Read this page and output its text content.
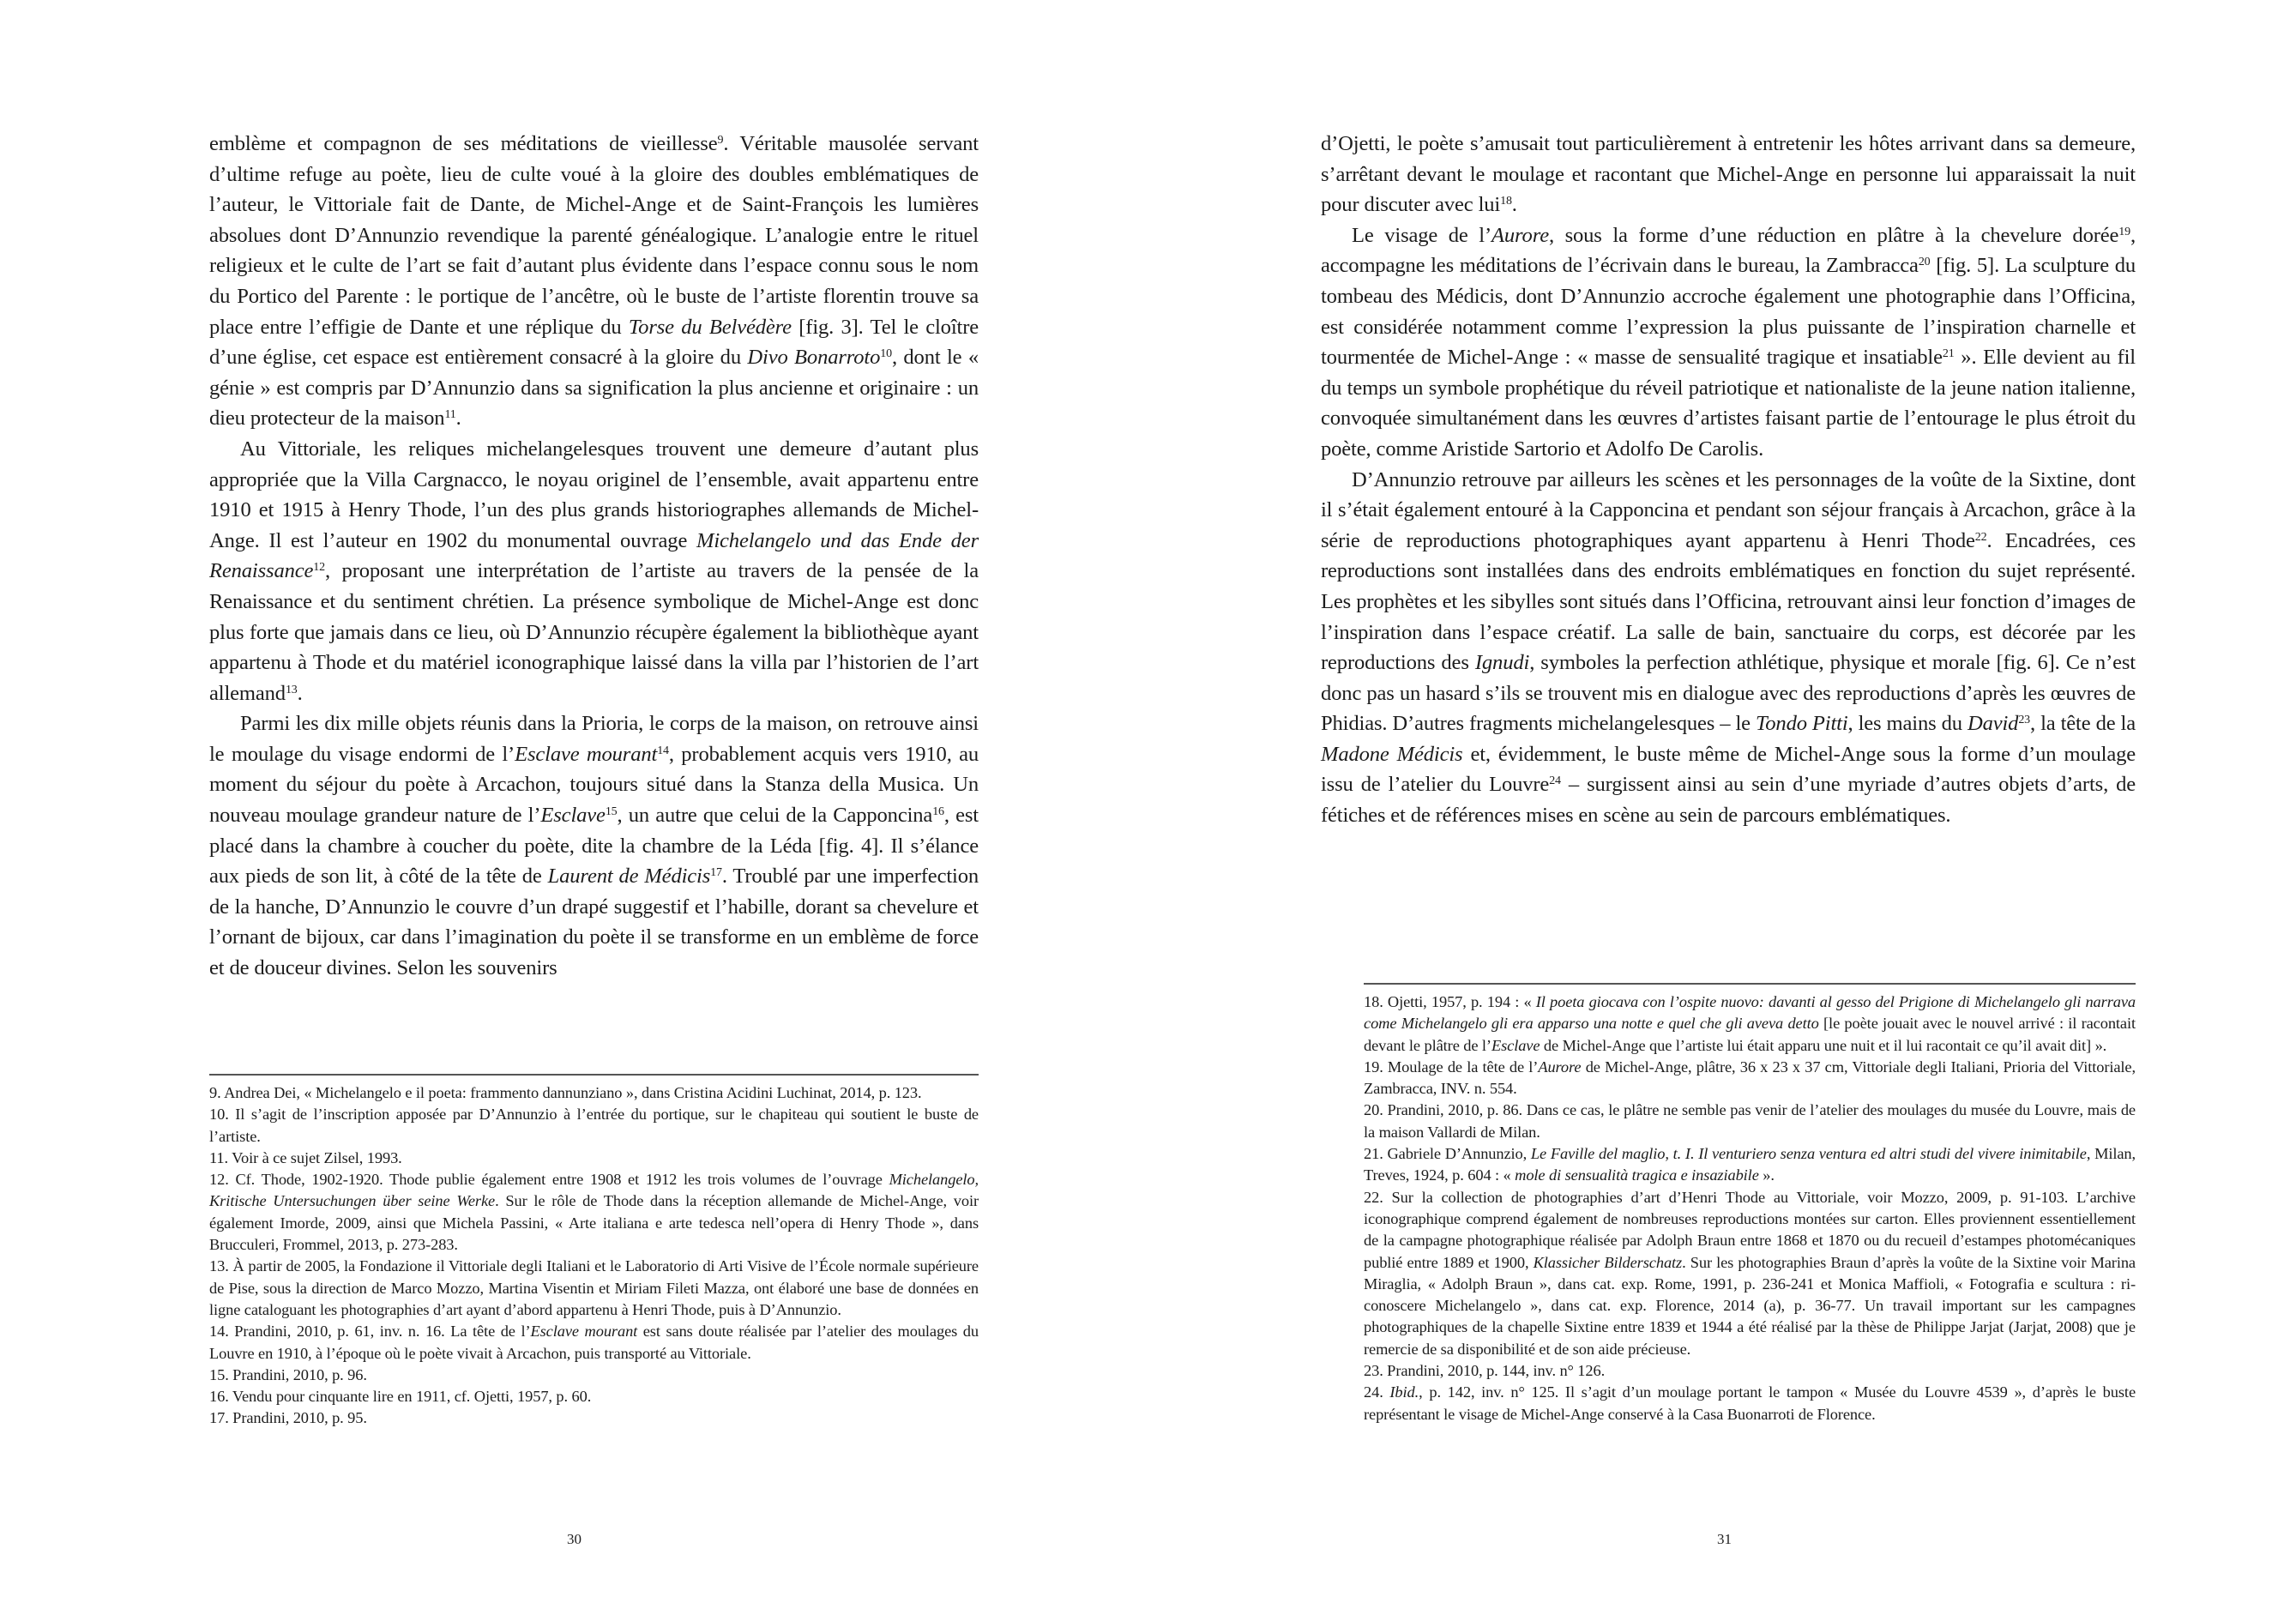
emblème et compagnon de ses méditations de vieillesse$^9$. Véritable mausolée servant d’ultime refuge au poète, lieu de culte voué à la gloire des doubles emblématiques de l’auteur, le Vittoriale fait de Dante, de Michel-Ange et de Saint-François les lumières absolues dont D’Annunzio revendique la parenté généalogique. L’analogie entre le rituel religieux et le culte de l’art se fait d’autant plus évidente dans l’espace connu sous le nom du Portico del Parente : le portique de l’ancêtre, où le buste de l’artiste florentin trouve sa place entre l’effigie de Dante et une réplique du Torse du Belvédère [fig. 3]. Tel le cloître d’une église, cet espace est entièrement consacré à la gloire du Divo Bonarroto$^{10}$, dont le « génie » est compris par D’Annunzio dans sa signification la plus ancienne et originaire : un dieu protecteur de la maison$^{11}$.

Au Vittoriale, les reliques michelangelesques trouvent une demeure d’autant plus appropriée que la Villa Cargnacco, le noyau originel de l’ensemble, avait appartenu entre 1910 et 1915 à Henry Thode, l’un des plus grands historiographes allemands de Michel-Ange. Il est l’auteur en 1902 du monumental ouvrage Michelangelo und das Ende der Renaissance$^{12}$, proposant une interprétation de l’artiste au travers de la pensée de la Renaissance et du sentiment chrétien. La présence symbolique de Michel-Ange est donc plus forte que jamais dans ce lieu, où D’Annunzio récupère également la bibliothèque ayant appartenu à Thode et du matériel iconographique laissé dans la villa par l’historien de l’art allemand$^{13}$.

Parmi les dix mille objets réunis dans la Prioria, le corps de la maison, on retrouve ainsi le moulage du visage endormi de l’Esclave mourant$^{14}$, probablement acquis vers 1910, au moment du séjour du poète à Arcachon, toujours situé dans la Stanza della Musica. Un nouveau moulage grandeur nature de l’Esclave$^{15}$, un autre que celui de la Capponcina$^{16}$, est placé dans la chambre à coucher du poète, dite la chambre de la Léda [fig. 4]. Il s’élance aux pieds de son lit, à côté de la tête de Laurent de Médicis$^{17}$. Troublé par une imperfection de la hanche, D’Annunzio le couvre d’un drapé suggestif et l’habille, dorant sa chevelure et l’ornant de bijoux, car dans l’imagination du poète il se transforme en un emblème de force et de douceur divines. Selon les souvenirs

9. Andrea Dei, « Michelangelo e il poeta: frammento dannunziano », dans Cristina Acidini Luchinat, 2014, p. 123.

10. Il s’agit de l’inscription apposée par D’Annunzio à l’entrée du portique, sur le chapiteau qui soutient le buste de l’artiste.

11. Voir à ce sujet Zilsel, 1993.

12. Cf. Thode, 1902-1920. Thode publie également entre 1908 et 1912 les trois volumes de l’ouvrage Michelangelo, Kritische Untersuchungen über seine Werke. Sur le rôle de Thode dans la réception allemande de Michel-Ange, voir également Imorde, 2009, ainsi que Michela Passini, « Arte italiana e arte tedesca nell’opera di Henry Thode », dans Brucculeri, Frommel, 2013, p. 273-283.

13. À partir de 2005, la Fondazione il Vittoriale degli Italiani et le Laboratorio di Arti Visive de l’École normale supérieure de Pise, sous la direction de Marco Mozzo, Martina Visentin et Miriam Fileti Mazza, ont élaboré une base de données en ligne cataloguant les photographies d’art ayant d’abord appartenu à Henri Thode, puis à D’Annunzio.

14. Prandini, 2010, p. 61, inv. n. 16. La tête de l’Esclave mourant est sans doute réalisée par l’atelier des moulages du Louvre en 1910, à l’époque où le poète vivait à Arcachon, puis transporté au Vittoriale.

15. Prandini, 2010, p. 96.

16. Vendu pour cinquante lire en 1911, cf. Ojetti, 1957, p. 60.

17. Prandini, 2010, p. 95.

30

d’Ojetti, le poète s’amusait tout particulièrement à entretenir les hôtes arrivant dans sa demeure, s’arrêtant devant le moulage et racontant que Michel-Ange en personne lui apparaissait la nuit pour discuter avec lui$^{18}$.

Le visage de l’Aurore, sous la forme d’une réduction en plâtre à la chevelure dorée$^{19}$, accompagne les méditations de l’écrivain dans le bureau, la Zambracca$^{20}$ [fig. 5]. La sculpture du tombeau des Médicis, dont D’Annunzio accroche également une photographie dans l’Officina, est considérée notamment comme l’expression la plus puissante de l’inspiration charnelle et tourmentée de Michel-Ange : « masse de sensualité tragique et insatiable$^{21}$ ». Elle devient au fil du temps un symbole prophétique du réveil patriotique et nationaliste de la jeune nation italienne, convoquée simultanément dans les œuvres d’artistes faisant partie de l’entourage le plus étroit du poète, comme Aristide Sartorio et Adolfo De Carolis.

D’Annunzio retrouve par ailleurs les scènes et les personnages de la voûte de la Sixtine, dont il s’était également entouré à la Capponcina et pendant son séjour français à Arcachon, grâce à la série de reproductions photographiques ayant appartenu à Henri Thode$^{22}$. Encadrées, ces reproductions sont installées dans des endroits emblématiques en fonction du sujet représenté. Les prophètes et les sibylles sont situés dans l’Officina, retrouvant ainsi leur fonction d’images de l’inspiration dans l’espace créatif. La salle de bain, sanctuaire du corps, est décorée par les reproductions des Ignudi, symboles la perfection athlétique, physique et morale [fig. 6]. Ce n’est donc pas un hasard s’ils se trouvent mis en dialogue avec des reproductions d’après les œuvres de Phidias. D’autres fragments michelangelesques – le Tondo Pitti, les mains du David$^{23}$, la tête de la Madone Médicis et, évidemment, le buste même de Michel-Ange sous la forme d’un moulage issu de l’atelier du Louvre$^{24}$ – surgissent ainsi au sein d’une myriade d’autres objets d’arts, de fétiches et de références mises en scène au sein de parcours emblématiques.

18. Ojetti, 1957, p. 194 : « Il poeta giocava con l’ospite nuovo: davanti al gesso del Prigione di Michelangelo gli narrava come Michelangelo gli era apparso una notte e quel che gli aveva detto [le poète jouait avec le nouvel arrivé : il racontait devant le plâtre de l’Esclave de Michel-Ange que l’artiste lui était apparu une nuit et il lui racontait ce qu’il avait dit] ».

19. Moulage de la tête de l’Aurore de Michel-Ange, plâtre, 36 x 23 x 37 cm, Vittoriale degli Italiani, Prioria del Vittoriale, Zambracca, INV. n. 554.

20. Prandini, 2010, p. 86. Dans ce cas, le plâtre ne semble pas venir de l’atelier des moulages du musée du Louvre, mais de la maison Vallardi de Milan.

21. Gabriele D’Annunzio, Le Faville del maglio, t. I. Il venturiero senza ventura ed altri studi del vivere inimitabile, Milan, Treves, 1924, p. 604 : « mole di sensualità tragica e insaziabile ».

22. Sur la collection de photographies d’art d’Henri Thode au Vittoriale, voir Mozzo, 2009, p. 91-103. L’archive iconographique comprend également de nombreuses reproductions montées sur carton. Elles proviennent essentiellement de la campagne photographique réalisée par Adolph Braun entre 1868 et 1870 ou du recueil d’estampes photomécaniques publié entre 1889 et 1900, Klassicher Bilderschatz. Sur les photographies Braun d’après la voûte de la Sixtine voir Marina Miraglia, « Adolph Braun », dans cat. exp. Rome, 1991, p. 236-241 et Monica Maffioli, « Fotografia e scultura : ri-conoscere Michelangelo », dans cat. exp. Florence, 2014 (a), p. 36-77. Un travail important sur les campagnes photographiques de la chapelle Sixtine entre 1839 et 1944 a été réalisé par la thèse de Philippe Jarjat (Jarjat, 2008) que je remercie de sa disponibilité et de son aide précieuse.

23. Prandini, 2010, p. 144, inv. n° 126.

24. Ibid., p. 142, inv. n° 125. Il s’agit d’un moulage portant le tampon « Musée du Louvre 4539 », d’après le buste représentant le visage de Michel-Ange conservé à la Casa Buonarroti de Florence.

31
